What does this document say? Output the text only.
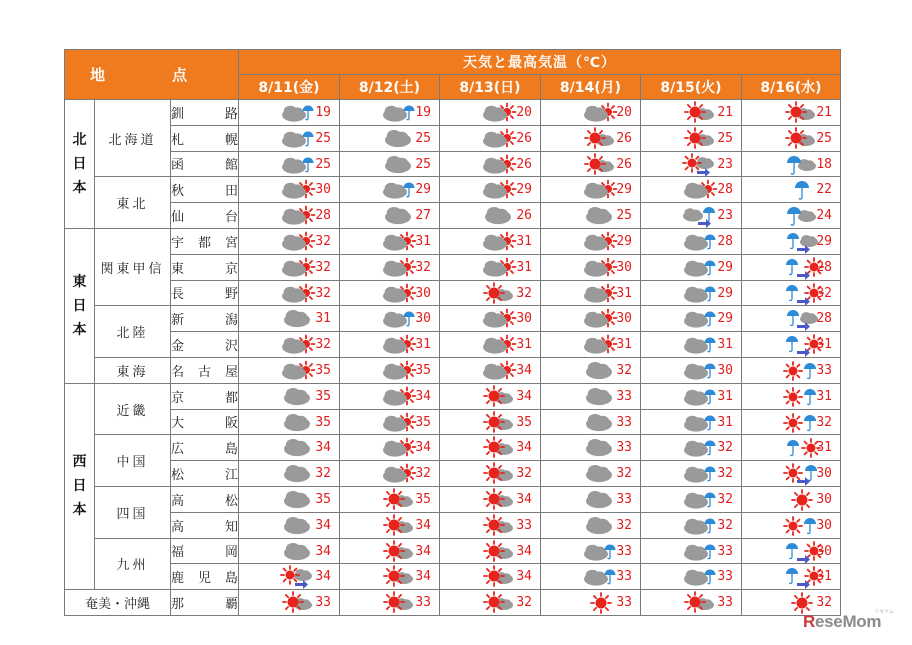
地　点			天気と最高気温（℃）					
			8/11(金)	8/12(土)	8/13(日)	8/14(月)	8/15(火)	8/16(水)

北
日
本	北海道	釧路	19	19	20	20	21	21

		札幌	25	25	26	26	25	25

		函館	25	25	26	26	23	18

	東北	秋田	30	29	29	29	28	22

		仙台	28	27	26	25	23	24

東
日
本	関東甲信	宇都宮	32	31	31	29	28	29

		東京	32	32	31	30	29	28

		長野	32	30	32	31	29	32

	北陸	新潟	31	30	30	30	29	28

		金沢	32	31	31	31	31	31

	東海	名古屋	35	35	34	32	30	33

西
日
本	近畿	京都	35	34	34	33	31	31

		大阪	35	35	35	33	31	32

	中国	広島	34	34	34	33	32	31

		松江	32	32	32	32	32	30

	四国	高松	35	35	34	33	32	30

		高知	34	34	33	32	32	30

	九州	福岡	34	34	34	33	33	30

		鹿児島	34	34	34	33	33	31

奄美・沖縄		那覇	33	33	32	33	33	32
ReseMom
リセマム
